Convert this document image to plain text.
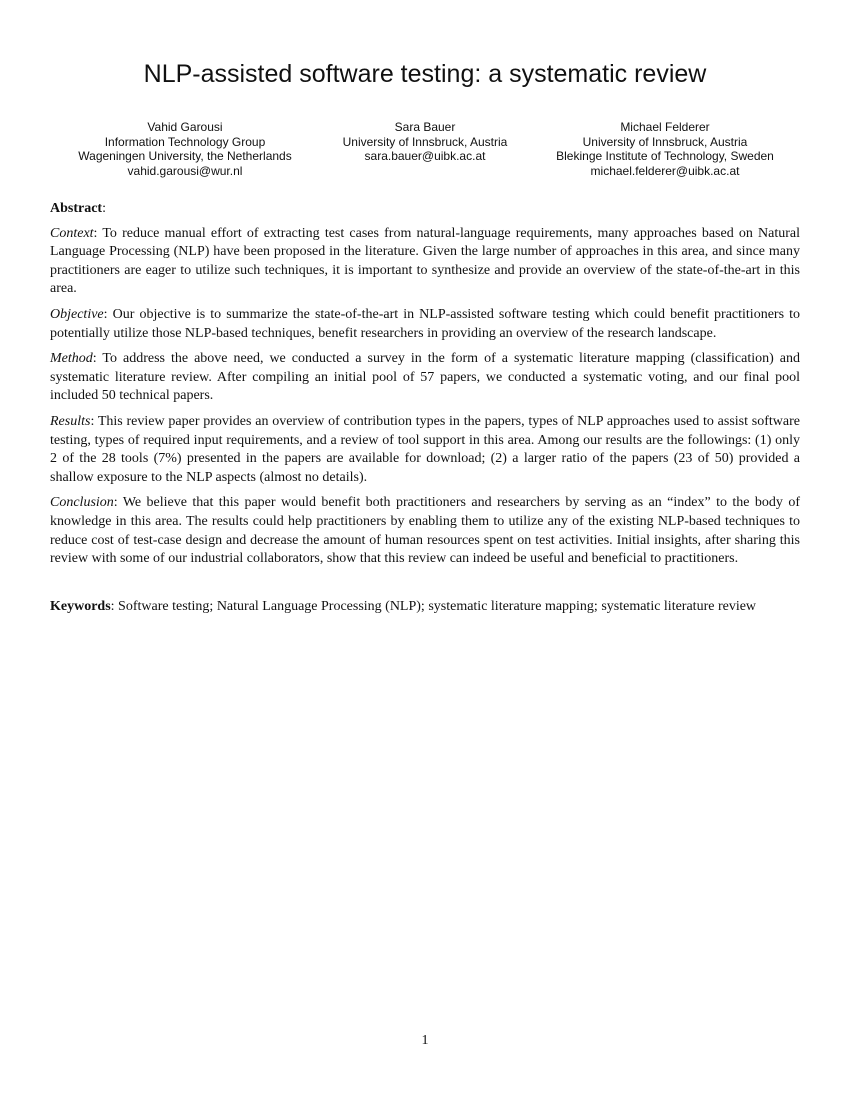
NLP-assisted software testing: a systematic review
Vahid Garousi
Information Technology Group
Wageningen University, the Netherlands
vahid.garousi@wur.nl
Sara Bauer
University of Innsbruck, Austria
sara.bauer@uibk.ac.at
Michael Felderer
University of Innsbruck, Austria
Blekinge Institute of Technology, Sweden
michael.felderer@uibk.ac.at

Abstract:

Context: To reduce manual effort of extracting test cases from natural-language requirements, many approaches based on Natural Language Processing (NLP) have been proposed in the literature. Given the large number of approaches in this area, and since many practitioners are eager to utilize such techniques, it is important to synthesize and provide an overview of the state-of-the-art in this area.

Objective: Our objective is to summarize the state-of-the-art in NLP-assisted software testing which could benefit practitioners to potentially utilize those NLP-based techniques, benefit researchers in providing an overview of the research landscape.

Method: To address the above need, we conducted a survey in the form of a systematic literature mapping (classification) and systematic literature review. After compiling an initial pool of 57 papers, we conducted a systematic voting, and our final pool included 50 technical papers.

Results: This review paper provides an overview of contribution types in the papers, types of NLP approaches used to assist software testing, types of required input requirements, and a review of tool support in this area. Among our results are the followings: (1) only 2 of the 28 tools (7%) presented in the papers are available for download; (2) a larger ratio of the papers (23 of 50) provided a shallow exposure to the NLP aspects (almost no details).

Conclusion: We believe that this paper would benefit both practitioners and researchers by serving as an “index” to the body of knowledge in this area. The results could help practitioners by enabling them to utilize any of the existing NLP-based techniques to reduce cost of test-case design and decrease the amount of human resources spent on test activities. Initial insights, after sharing this review with some of our industrial collaborators, show that this review can indeed be useful and beneficial to practitioners.

Keywords: Software testing; Natural Language Processing (NLP); systematic literature mapping; systematic literature review

1
